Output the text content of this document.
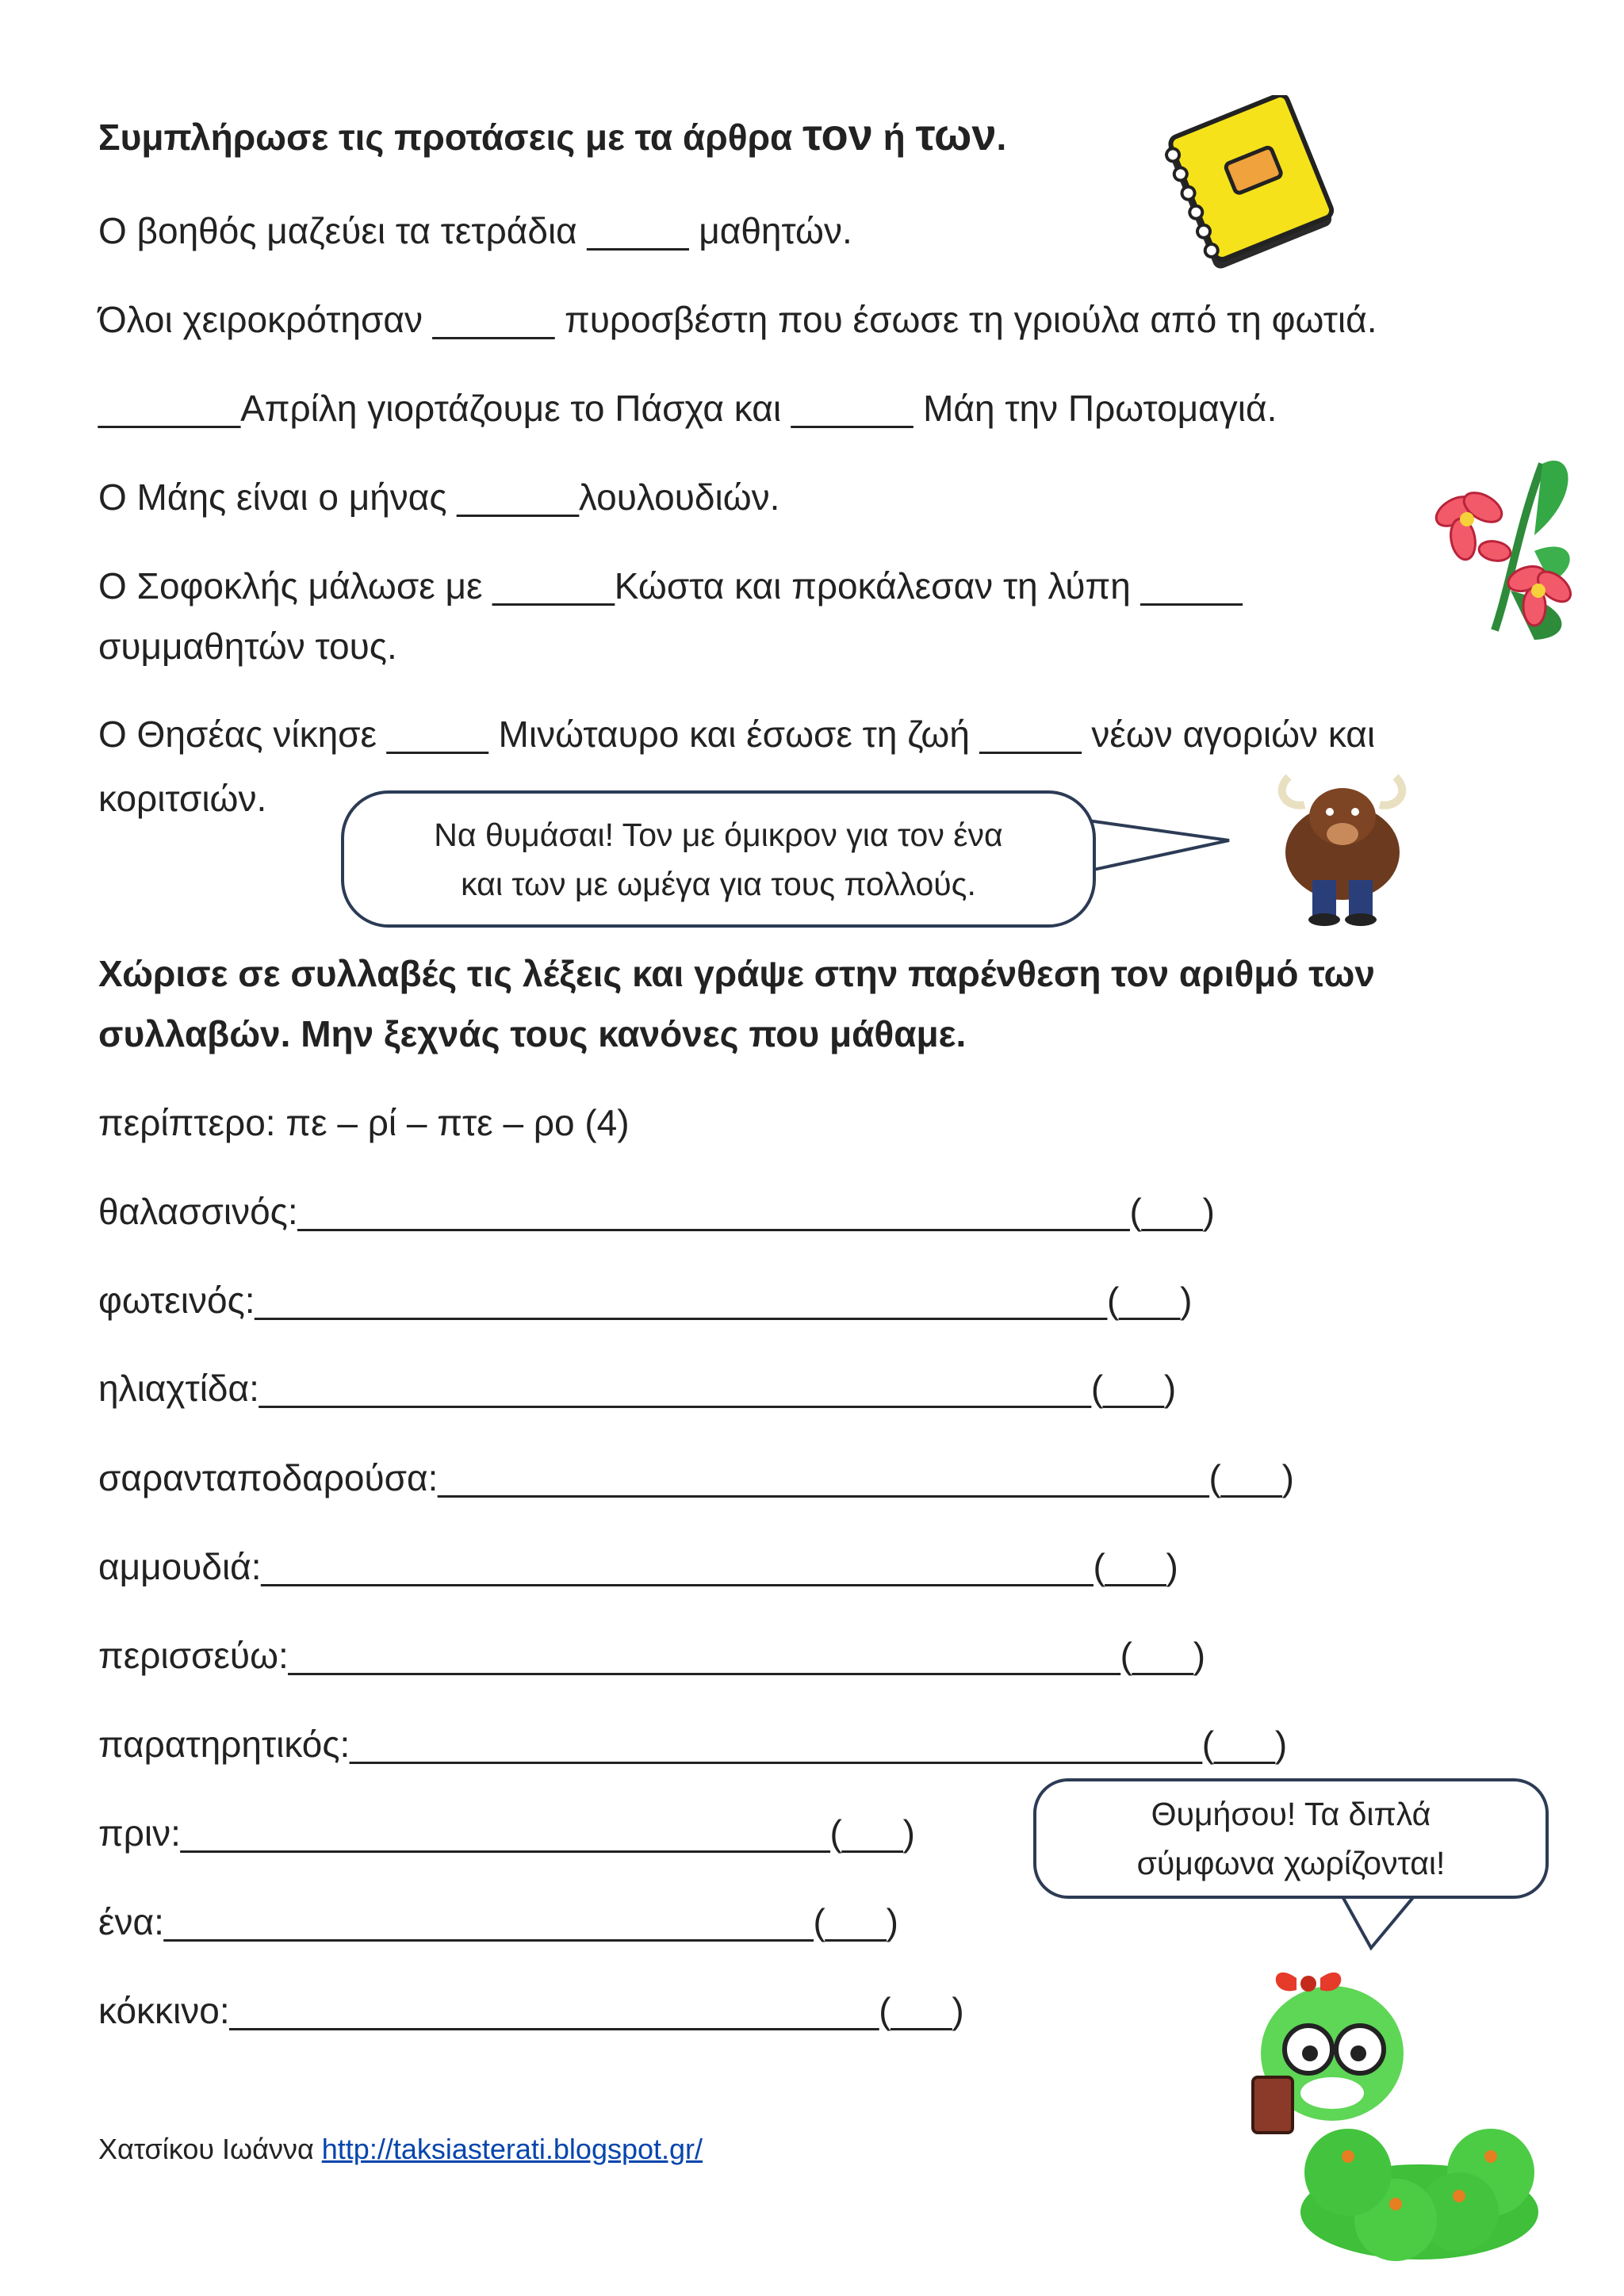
Συμπλήρωσε τις προτάσεις με τα άρθρα τον ή των.
Ο βοηθός μαζεύει τα τετράδια _____ μαθητών.
Όλοι χειροκρότησαν ______ πυροσβέστη που έσωσε τη γριούλα από τη φωτιά.
_______Απρίλη γιορτάζουμε το Πάσχα και ______ Μάη την Πρωτομαγιά.
Ο Μάης είναι ο μήνας ______λουλουδιών.
Ο Σοφοκλής μάλωσε με ______Κώστα και προκάλεσαν τη λύπη _____
συμμαθητών τους.
Ο Θησέας νίκησε _____ Μινώταυρο και έσωσε τη ζωή _____ νέων αγοριών και
κοριτσιών.
Να θυμάσαι! Τον με όμικρον για τον ένα
και των με ωμέγα για τους πολλούς.
Χώρισε σε συλλαβές τις λέξεις και γράψε στην παρένθεση τον αριθμό των
συλλαβών. Μην ξεχνάς τους κανόνες που μάθαμε.
περίπτερο: πε – ρί – πτε – ρο (4)
θαλασσινός:_________________________________________(___)
φωτεινός:__________________________________________(___)
ηλιαχτίδα:_________________________________________(___)
σαρανταποδαρούσα:______________________________________(___)
αμμουδιά:_________________________________________(___)
περισσεύω:_________________________________________(___)
παρατηρητικός:__________________________________________(___)
πριν:________________________________(___)
ένα:________________________________(___)
κόκκινο:________________________________(___)
Θυμήσου! Τα διπλά
σύμφωνα χωρίζονται!
Χατσίκου Ιωάννα http://taksiasterati.blogspot.gr/
